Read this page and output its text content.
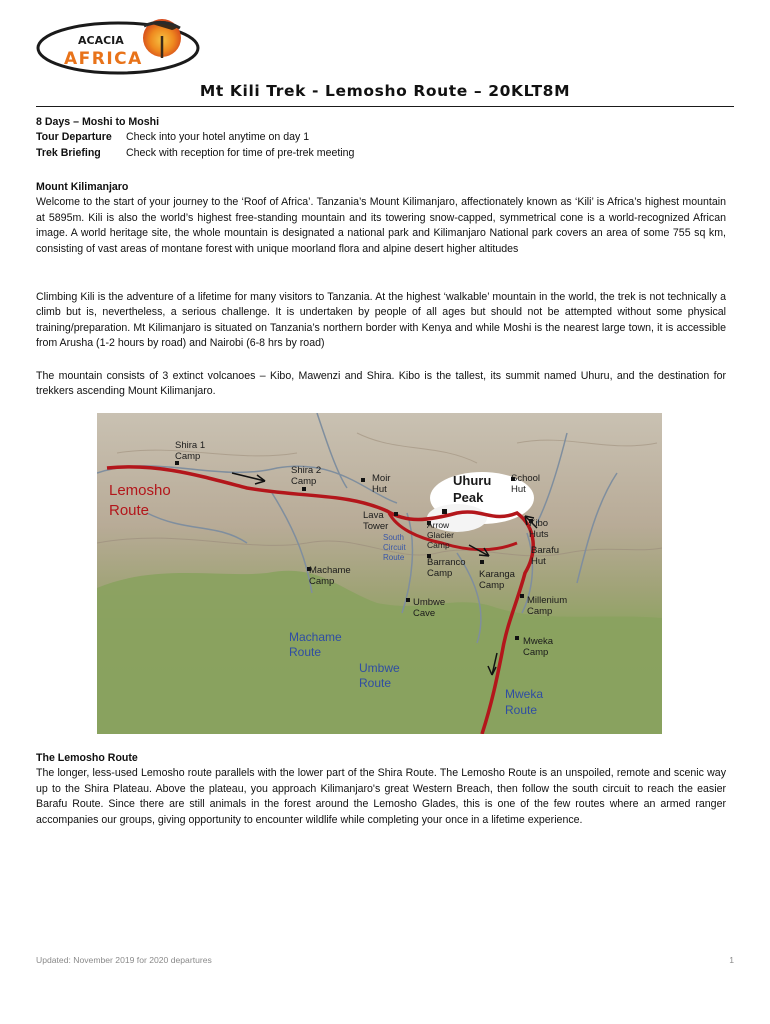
ACACIA
AFRICA
Mt Kili Trek - Lemosho Route – 20KLT8M
8 Days – Moshi to Moshi
Tour Departure	Check into your hotel anytime on day 1
Trek Briefing	Check with reception for time of pre-trek meeting
Mount Kilimanjaro
Welcome to the start of your journey to the ‘Roof of Africa’. Tanzania’s Mount Kilimanjaro, affectionately known as ‘Kili’ is Africa’s highest mountain at 5895m. Kili is also the world’s highest free-standing mountain and its towering snow-capped, symmetrical cone is a world-recognized African image. A world heritage site, the whole mountain is designated a national park and Kilimanjaro National park covers an area of some 755 sq km, consisting of vast areas of montane forest with unique moorland flora and alpine desert higher altitudes
Climbing Kili is the adventure of a lifetime for many visitors to Tanzania. At the highest ‘walkable’ mountain in the world, the trek is not technically a climb but is, nevertheless, a serious challenge. It is undertaken by people of all ages but should not be attempted without some physical training/preparation. Mt Kilimanjaro is situated on Tanzania’s northern border with Kenya and while Moshi is the nearest large town, it is accessible from Arusha (1-2 hours by road) and Nairobi (6-8 hrs by road)
The mountain consists of 3 extinct volcanoes – Kibo, Mawenzi and Shira. Kibo is the tallest, its summit named Uhuru, and the destination for trekkers ascending Mount Kilimanjaro.
Shira 1
Camp
Shira 2
Camp	Moir
Hut
School
Hut
Lava
Tower	Arrow
Glacier
Camp
Kibo
Huts
Barafu
Hut
Machame
Camp
Barranco
Camp	Karanga
Camp
Millenium
Camp
Umbwe
Cave
Mweka
Camp
South
Circuit
Route
Uhuru
Peak
Lemosho
Route
Machame
Route
Umbwe
Route
Mweka
Route
The Lemosho Route
The longer, less-used Lemosho route parallels with the lower part of the Shira Route. The Lemosho Route is an unspoiled, remote and scenic way up to the Shira Plateau. Above the plateau, you approach Kilimanjaro's great Western Breach, then follow the south circuit to reach the easier Barafu Route. Since there are still animals in the forest around the Lemosho Glades, this is one of the few routes where an armed ranger accompanies our groups, giving opportunity to encounter wildlife while completing your once in a lifetime experience.
Updated: November 2019 for 2020 departures	1
